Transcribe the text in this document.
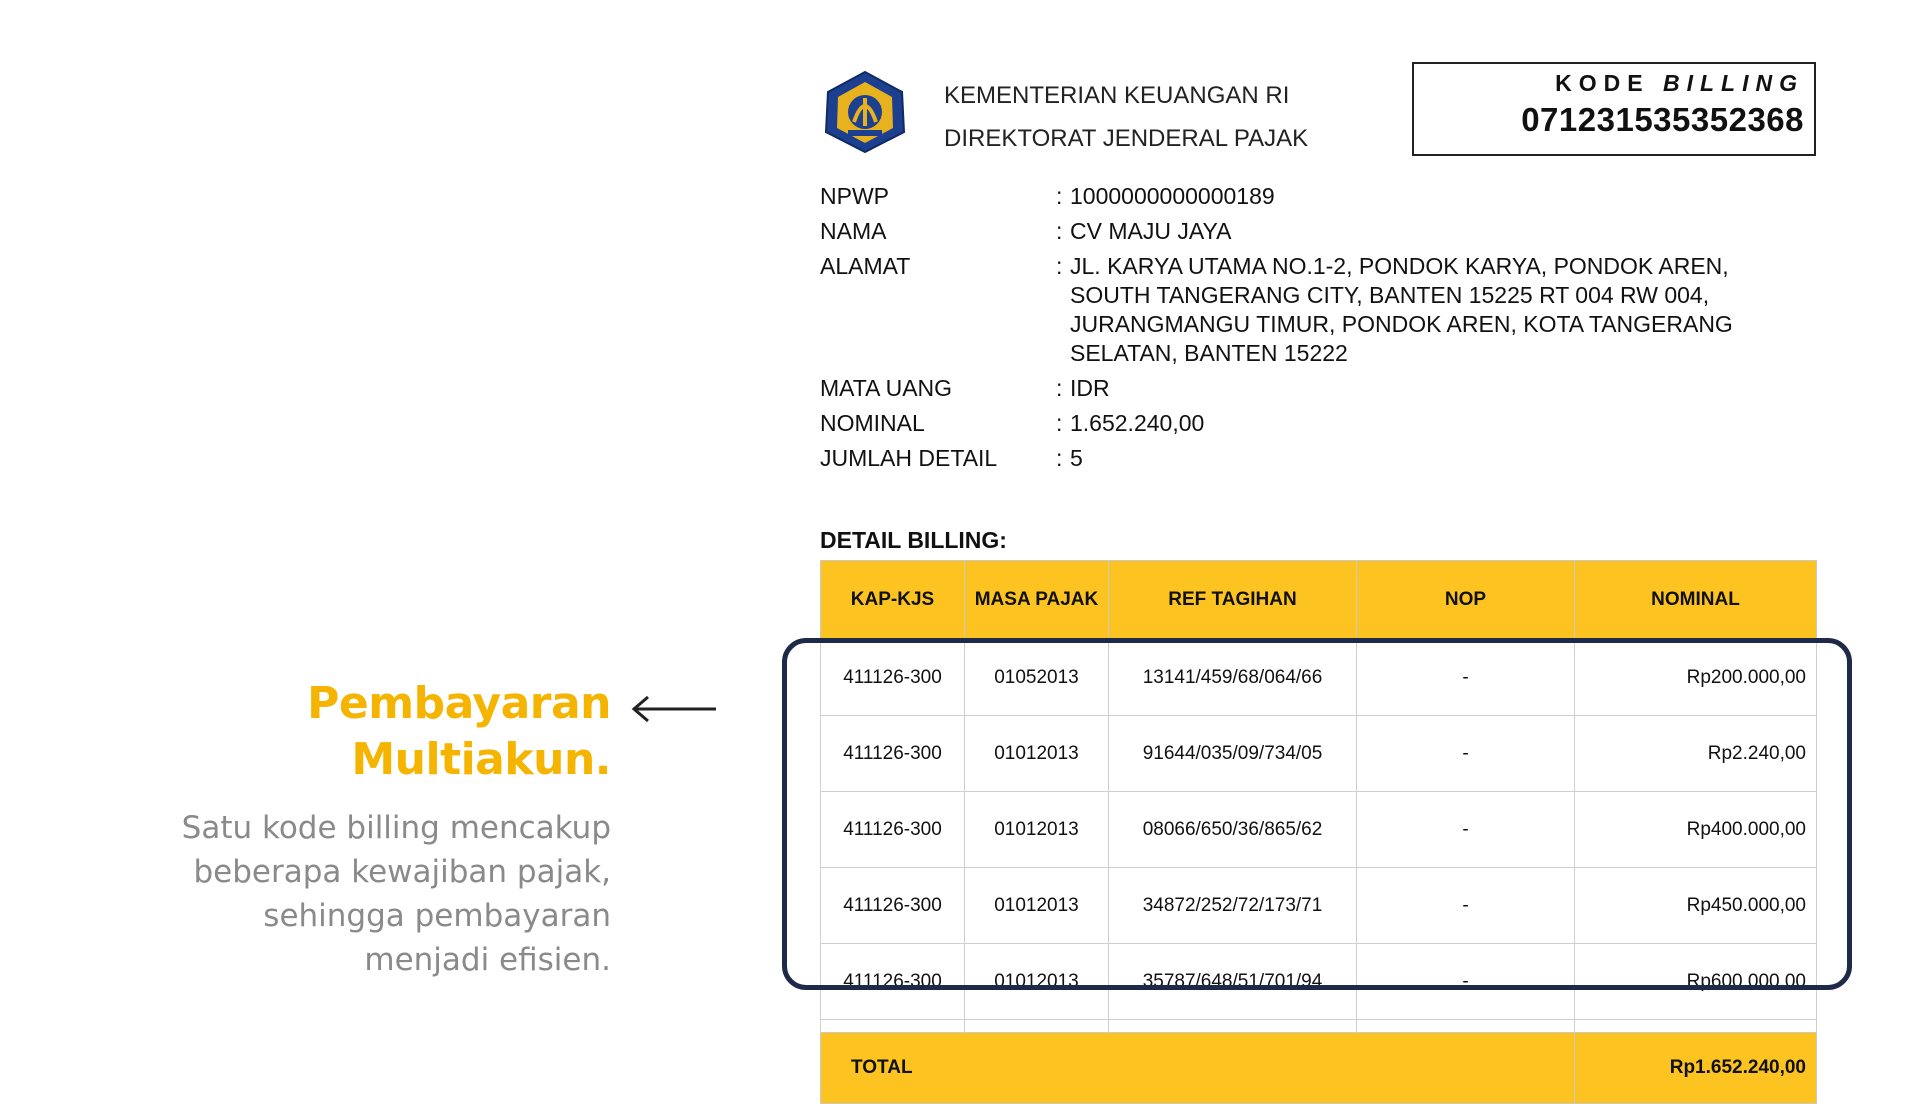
Pembayaran Multiakun.
Satu kode billing mencakup beberapa kewajiban pajak, sehingga pembayaran menjadi efisien.
KEMENTERIAN KEUANGAN RI
DIREKTORAT JENDERAL PAJAK
KODE BILLING
071231535352368
NPWP	: 1000000000000189
NAMA	: CV MAJU JAYA
ALAMAT	: JL. KARYA UTAMA NO.1-2, PONDOK KARYA, PONDOK AREN, SOUTH TANGERANG CITY, BANTEN 15225 RT 004 RW 004, JURANGMANGU TIMUR, PONDOK AREN, KOTA TANGERANG SELATAN, BANTEN 15222
MATA UANG	: IDR
NOMINAL	: 1.652.240,00
JUMLAH DETAIL	: 5
DETAIL BILLING:
KAP-KJS	MASA PAJAK	REF TAGIHAN	NOP	NOMINAL
411126-300	01052013	13141/459/68/064/66	-	Rp200.000,00
411126-300	01012013	91644/035/09/734/05	-	Rp2.240,00
411126-300	01012013	08066/650/36/865/62	-	Rp400.000,00
411126-300	01012013	34872/252/72/173/71	-	Rp450.000,00
411126-300	01012013	35787/648/51/701/94	-	Rp600.000,00

TOTAL				Rp1.652.240,00
